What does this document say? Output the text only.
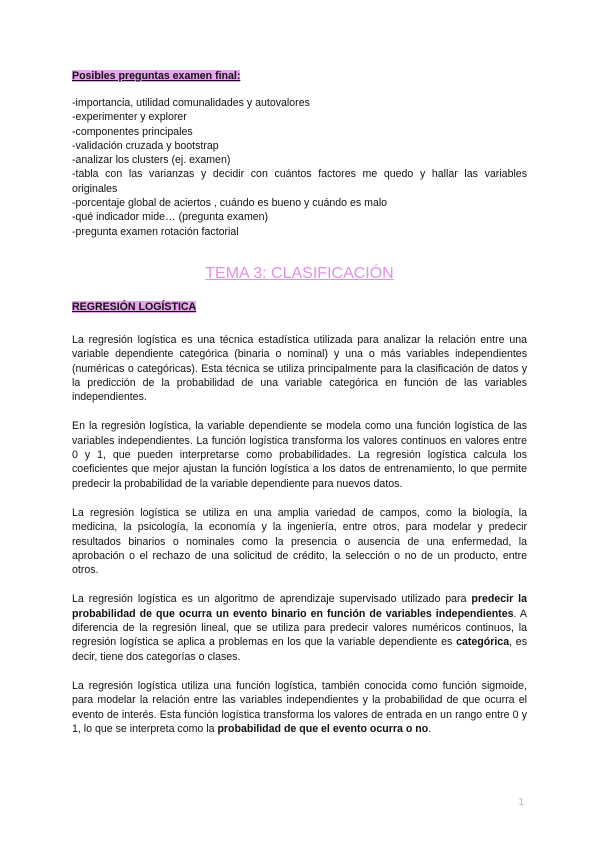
Posibles preguntas examen final:
-importancia, utilidad comunalidades y autovalores
-experimenter y explorer
-componentes principales
-validación cruzada y bootstrap
-analizar los clusters (ej. examen)
-tabla con las varianzas y decidir con cuántos factores me quedo y hallar las variables
originales
-porcentaje global de aciertos , cuándo es bueno y cuándo es malo
-qué indicador mide… (pregunta examen)
-pregunta examen rotación factorial
TEMA 3: CLASIFICACIÓN
REGRESIÓN LOGÍSTICA

La regresión logística es una técnica estadística utilizada para analizar la relación entre una variable dependiente categórica (binaria o nominal) y una o más variables independientes (numéricas o categóricas). Esta técnica se utiliza principalmente para la clasificación de datos y la predicción de la probabilidad de una variable categórica en función de las variables independientes.

En la regresión logística, la variable dependiente se modela como una función logística de las variables independientes. La función logística transforma los valores continuos en valores entre 0 y 1, que pueden interpretarse como probabilidades. La regresión logística calcula los coeficientes que mejor ajustan la función logística a los datos de entrenamiento, lo que permite predecir la probabilidad de la variable dependiente para nuevos datos.

La regresión logística se utiliza en una amplia variedad de campos, como la biología, la medicina, la psicología, la economía y la ingeniería, entre otros, para modelar y predecir resultados binarios o nominales como la presencia o ausencia de una enfermedad, la aprobación o el rechazo de una solicitud de crédito, la selección o no de un producto, entre otros.

La regresión logística es un algoritmo de aprendizaje supervisado utilizado para predecir la probabilidad de que ocurra un evento binario en función de variables independientes. A diferencia de la regresión lineal, que se utiliza para predecir valores numéricos continuos, la regresión logística se aplica a problemas en los que la variable dependiente es categórica, es decir, tiene dos categorías o clases.

La regresión logística utiliza una función logística, también conocida como función sigmoide, para modelar la relación entre las variables independientes y la probabilidad de que ocurra el evento de interés. Esta función logística transforma los valores de entrada en un rango entre 0 y 1, lo que se interpreta como la probabilidad de que el evento ocurra o no.

1
